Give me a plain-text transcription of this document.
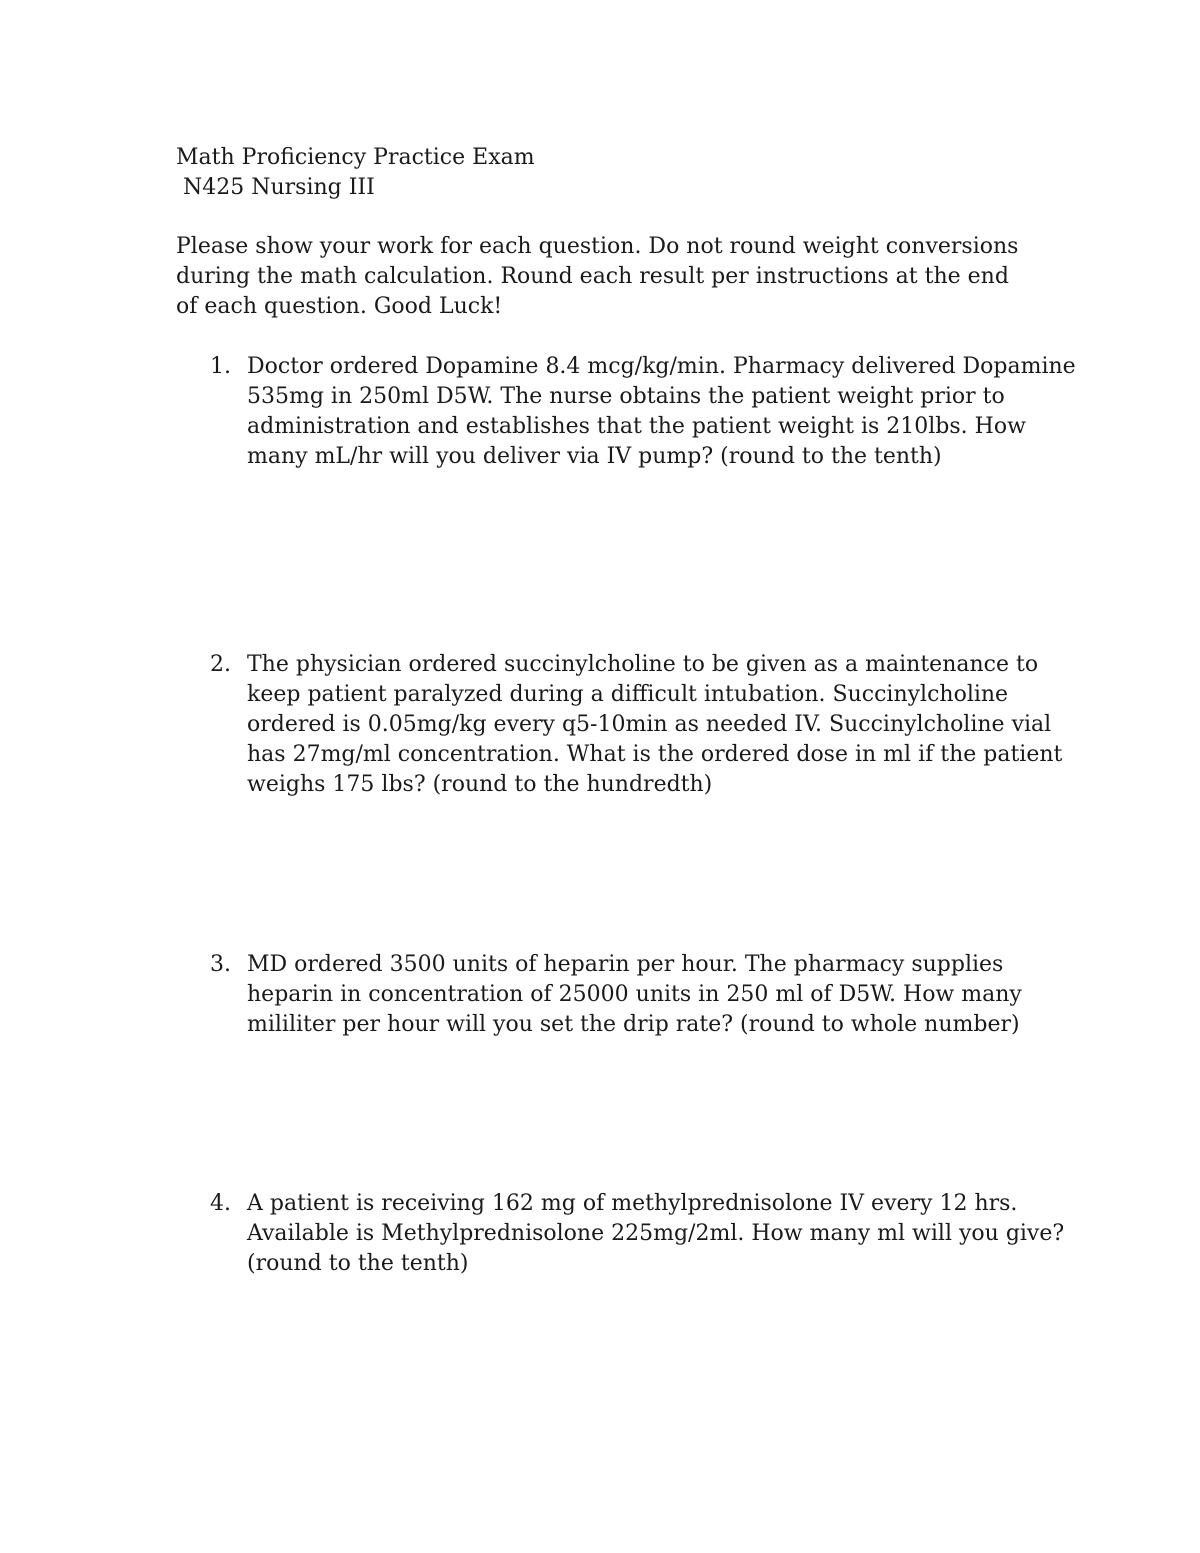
Math Proficiency Practice Exam
N425 Nursing III
Please show your work for each question. Do not round weight conversions during the math calculation. Round each result per instructions at the end of each question. Good Luck!
1. Doctor ordered Dopamine 8.4 mcg/kg/min. Pharmacy delivered Dopamine 535mg in 250ml D5W. The nurse obtains the patient weight prior to administration and establishes that the patient weight is 210lbs. How many mL/hr will you deliver via IV pump? (round to the tenth)
2. The physician ordered succinylcholine to be given as a maintenance to keep patient paralyzed during a difficult intubation. Succinylcholine ordered is 0.05mg/kg every q5-10min as needed IV. Succinylcholine vial has 27mg/ml concentration. What is the ordered dose in ml if the patient weighs 175 lbs? (round to the hundredth)
3. MD ordered 3500 units of heparin per hour. The pharmacy supplies heparin in concentration of 25000 units in 250 ml of D5W. How many mililiter per hour will you set the drip rate? (round to whole number)
4. A patient is receiving 162 mg of methylprednisolone IV every 12 hrs. Available is Methylprednisolone 225mg/2ml. How many ml will you give? (round to the tenth)
